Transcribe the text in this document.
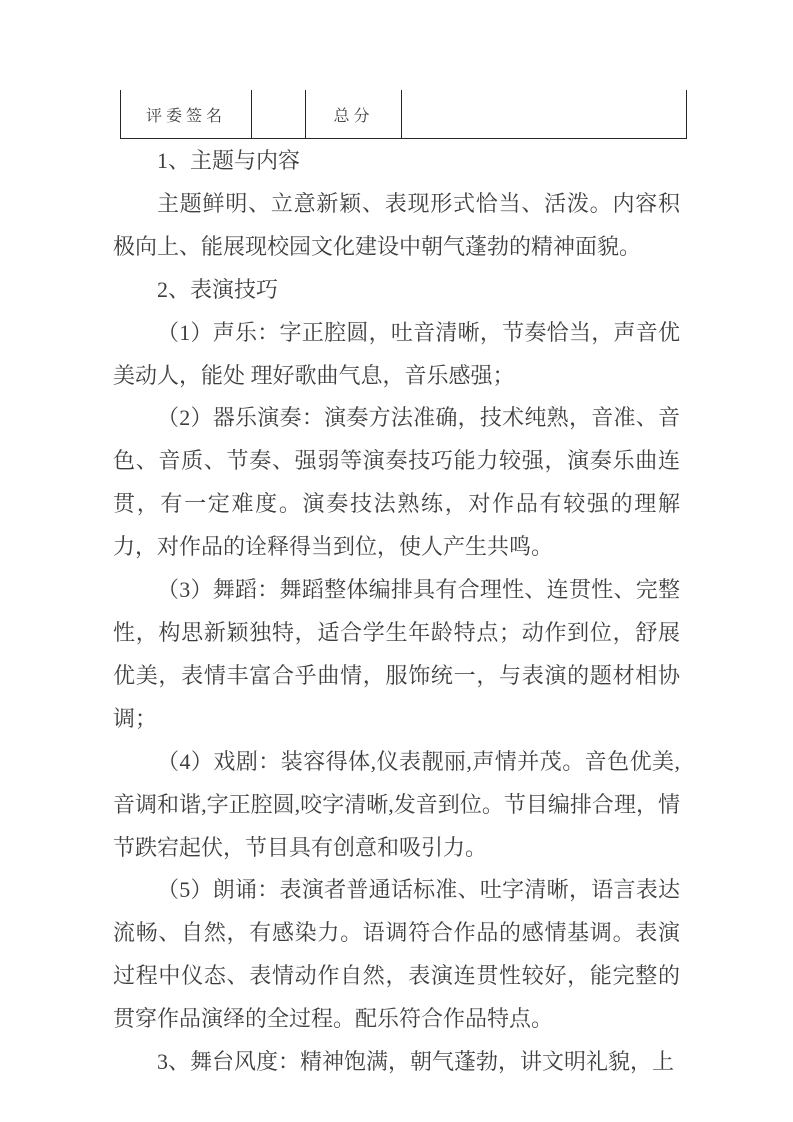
评委签名		总分	

1、主题与内容

主题鲜明、立意新颖、表现形式恰当、活泼。内容积极向上、能展现校园文化建设中朝气蓬勃的精神面貌。

2、表演技巧

（1）声乐：字正腔圆，吐音清晰，节奏恰当，声音优美动人，能处 理好歌曲气息，音乐感强；

（2）器乐演奏：演奏方法准确，技术纯熟，音准、音色、音质、节奏、强弱等演奏技巧能力较强，演奏乐曲连贯，有一定难度。演奏技法熟练，对作品有较强的理解力，对作品的诠释得当到位，使人产生共鸣。

（3）舞蹈：舞蹈整体编排具有合理性、连贯性、完整性，构思新颖独特，适合学生年龄特点；动作到位，舒展优美，表情丰富合乎曲情，服饰统一，与表演的题材相协调；

（4）戏剧：装容得体,仪表靓丽,声情并茂。音色优美,音调和谐,字正腔圆,咬字清晰,发音到位。节目编排合理，情节跌宕起伏，节目具有创意和吸引力。

（5）朗诵：表演者普通话标准、吐字清晰，语言表达流畅、自然，有感染力。语调符合作品的感情基调。表演过程中仪态、表情动作自然，表演连贯性较好，能完整的贯穿作品演绎的全过程。配乐符合作品特点。

3、舞台风度：精神饱满，朝气蓬勃，讲文明礼貌，上
